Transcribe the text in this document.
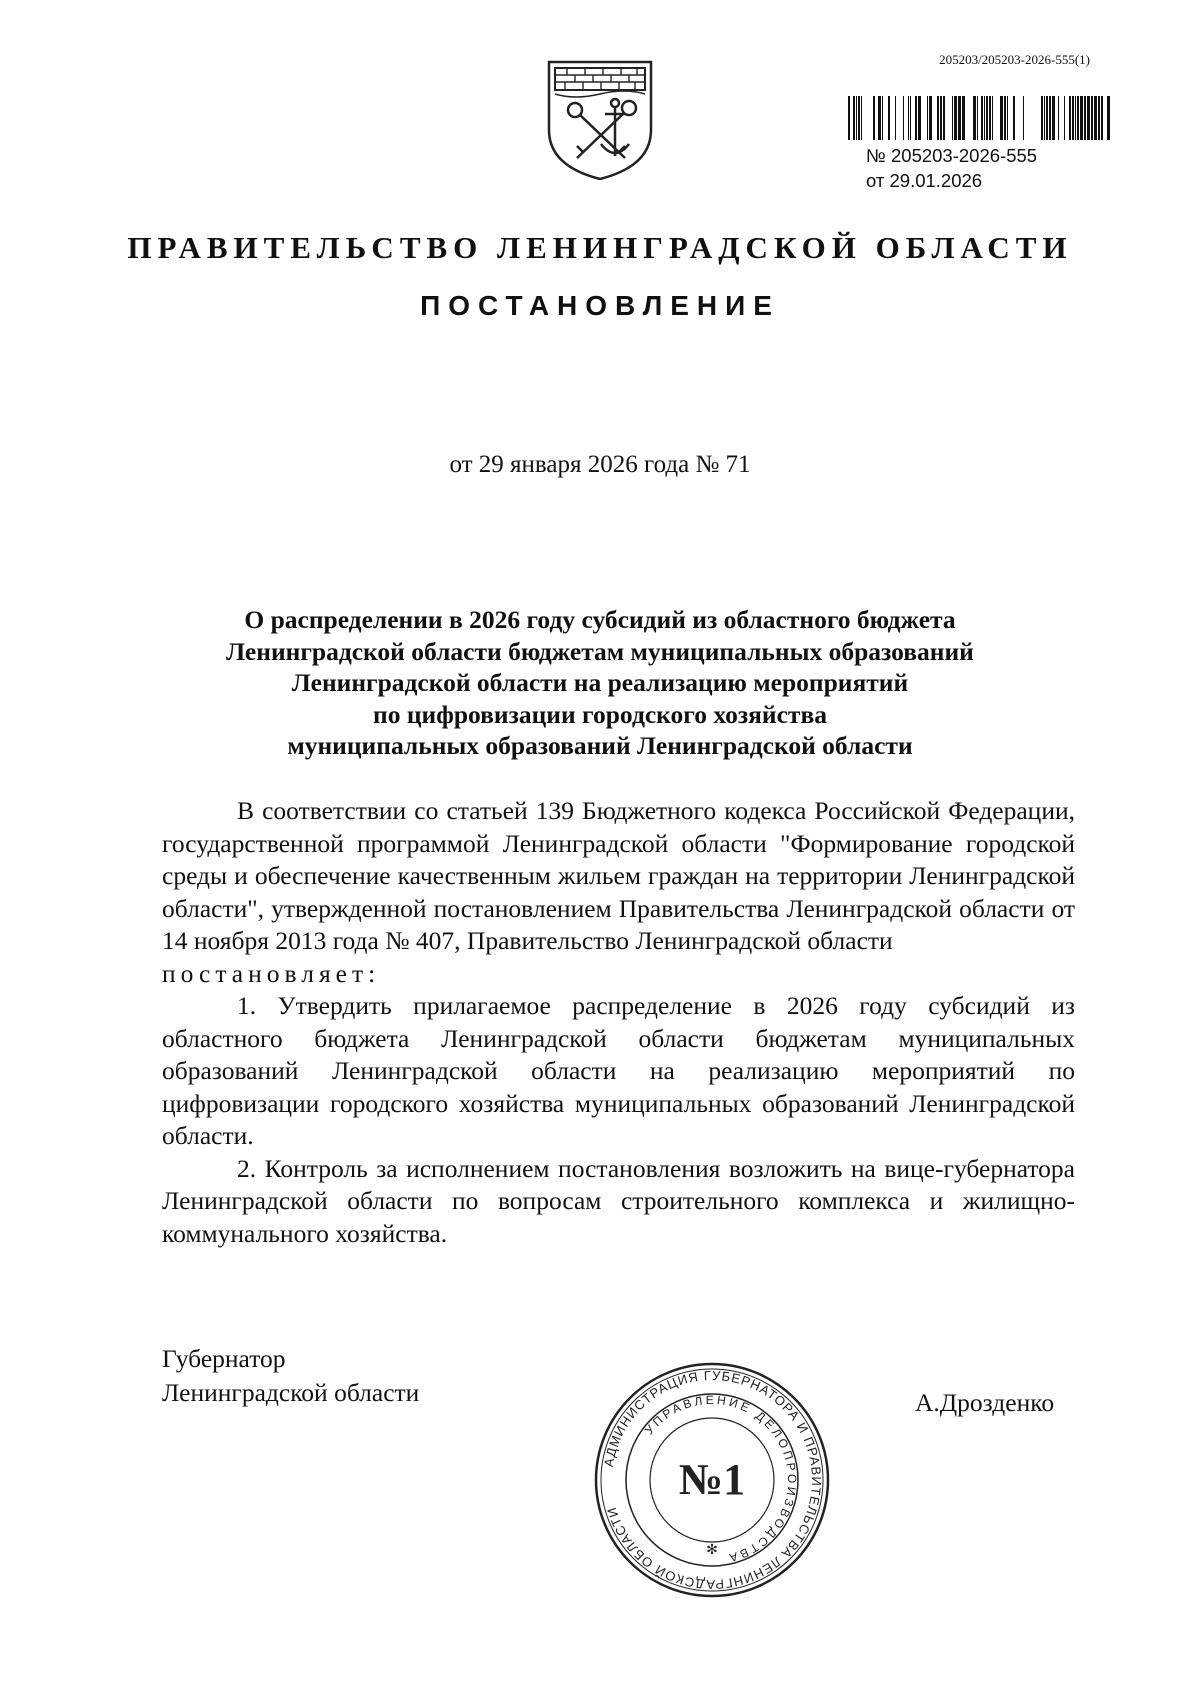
205203/205203-2026-555(1)
№ 205203-2026-555
от 29.01.2026
ПРАВИТЕЛЬСТВО ЛЕНИНГРАДСКОЙ ОБЛАСТИ
ПОСТАНОВЛЕНИЕ
от 29 января 2026 года № 71
О распределении в 2026 году субсидий из областного бюджета
Ленинградской области бюджетам муниципальных образований
Ленинградской области на реализацию мероприятий
по цифровизации городского хозяйства
муниципальных образований Ленинградской области

В соответствии со статьей 139 Бюджетного кодекса Российской Федерации, государственной программой Ленинградской области "Формирование городской среды и обеспечение качественным жильем граждан на территории Ленинградской области", утвержденной постановлением Правительства Ленинградской области от 14 ноября 2013 года № 407, Правительство Ленинградской области

постановляет:

1. Утвердить прилагаемое распределение в 2026 году субсидий из областного бюджета Ленинградской области бюджетам муниципальных образований Ленинградской области на реализацию мероприятий по цифровизации городского хозяйства муниципальных образований Ленинградской области.

2. Контроль за исполнением постановления возложить на вице-губернатора Ленинградской области по вопросам строительного комплекса и жилищно-коммунального хозяйства.

Губернатор
Ленинградской области	А.Дрозденко
АДМИНИСТРАЦИЯ ГУБЕРНАТОРА И ПРАВИТЕЛЬСТВА ЛЕНИНГРАДСКОЙ ОБЛАСТИ
УПРАВЛЕНИЕ ДЕЛОПРОИЗВОДСТВА
№1
✻
